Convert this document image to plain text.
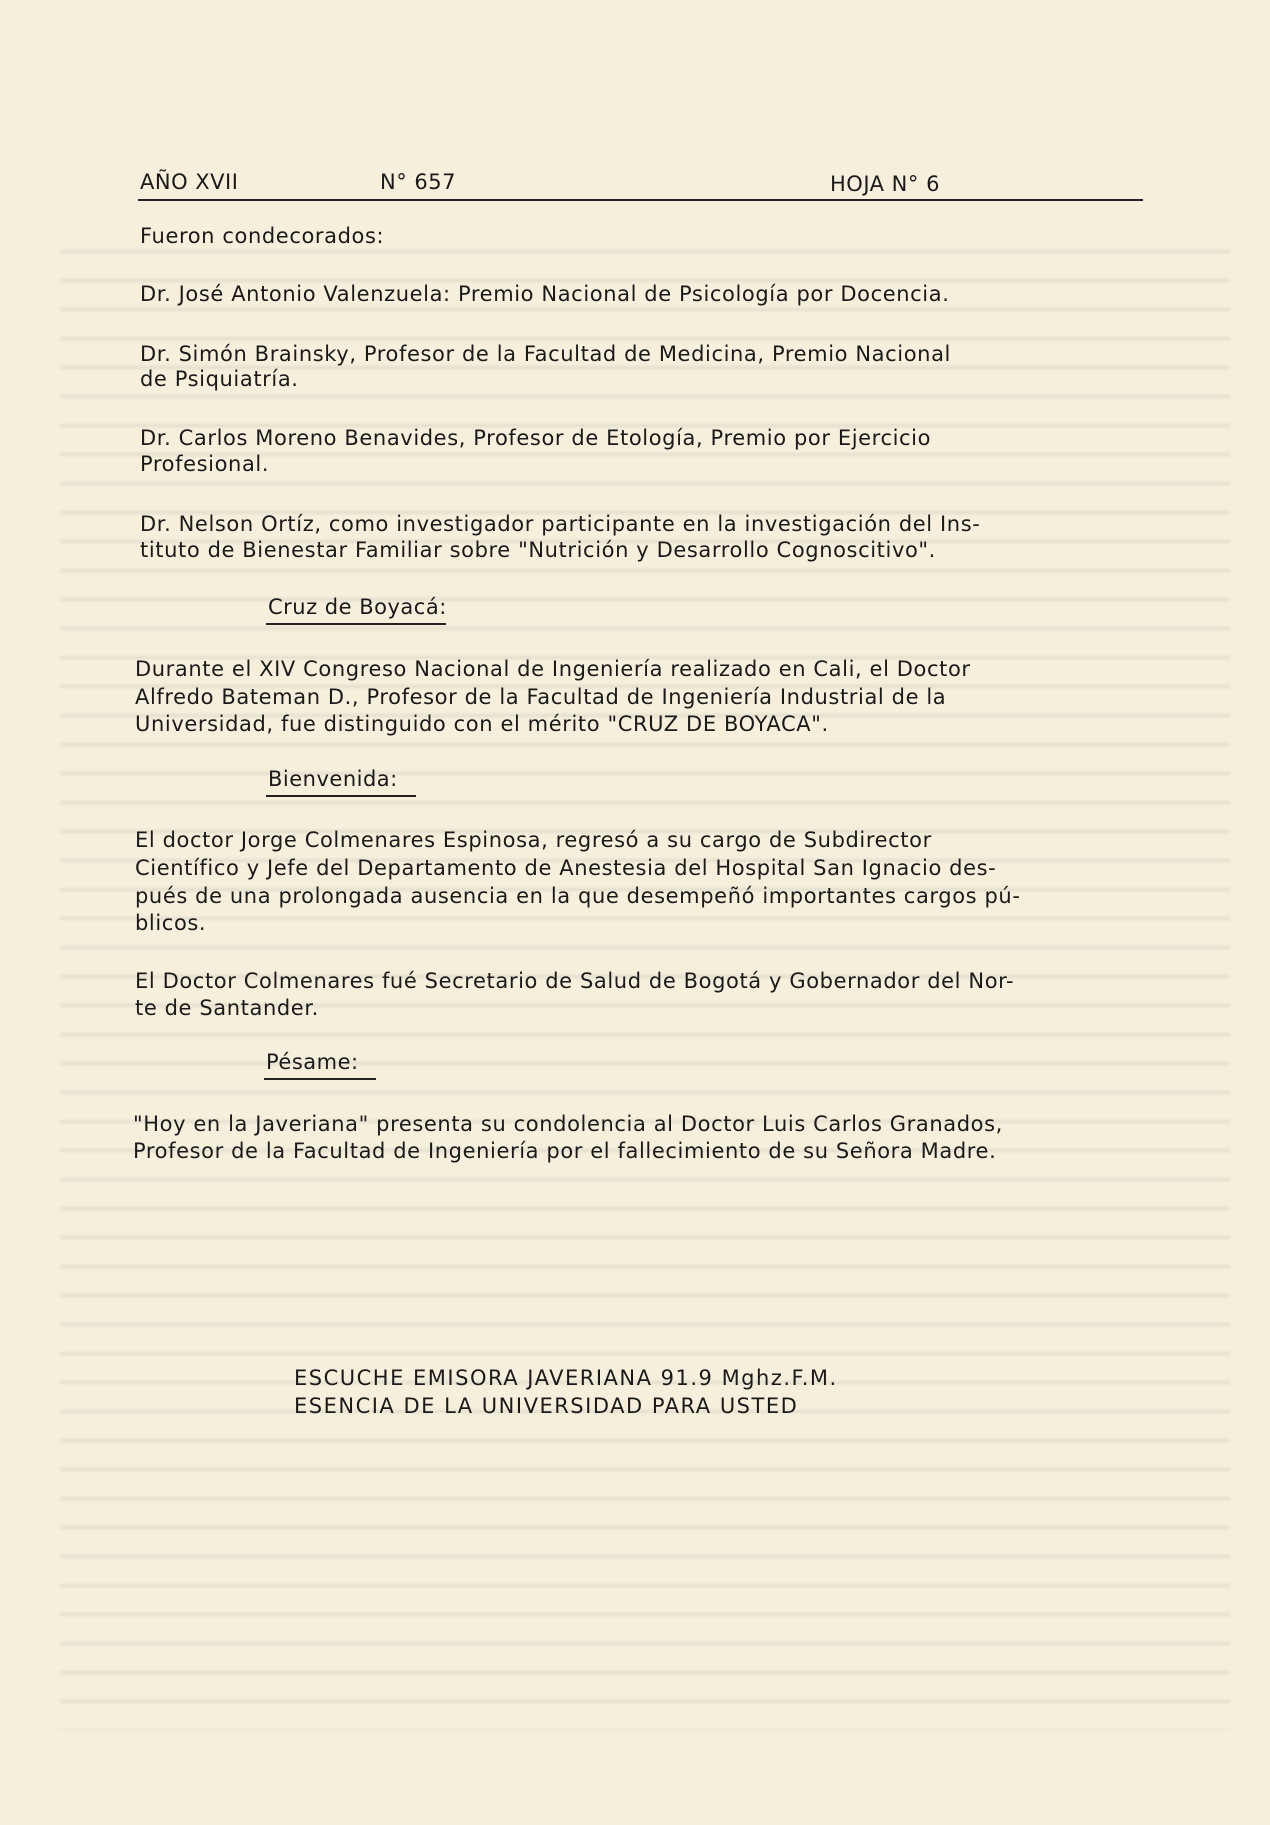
AÑO XVII	N° 657	HOJA N° 6
Fueron condecorados:
Dr. José Antonio Valenzuela: Premio Nacional de Psicología por Docencia.
Dr. Simón Brainsky, Profesor de la Facultad de Medicina, Premio Nacional
de Psiquiatría.
Dr. Carlos Moreno Benavides, Profesor de Etología, Premio por Ejercicio
Profesional.
Dr. Nelson Ortíz, como investigador participante en la investigación del Ins-
tituto de Bienestar Familiar sobre "Nutrición y Desarrollo Cognoscitivo".
Cruz de Boyacá:
Durante el XIV Congreso Nacional de Ingeniería realizado en Cali, el Doctor
Alfredo Bateman D., Profesor de la Facultad de Ingeniería Industrial de la
Universidad, fue distinguido con el mérito "CRUZ DE BOYACA".
Bienvenida:
El doctor Jorge Colmenares Espinosa, regresó a su cargo de Subdirector
Científico y Jefe del Departamento de Anestesia del Hospital San Ignacio des-
pués de una prolongada ausencia en la que desempeñó importantes cargos pú-
blicos.
El Doctor Colmenares fué Secretario de Salud de Bogotá y Gobernador del Nor-
te de Santander.
Pésame:
"Hoy en la Javeriana" presenta su condolencia al Doctor Luis Carlos Granados,
Profesor de la Facultad de Ingeniería por el fallecimiento de su Señora Madre.
ESCUCHE EMISORA JAVERIANA 91.9 Mghz.F.M.
ESENCIA DE LA UNIVERSIDAD PARA USTED
